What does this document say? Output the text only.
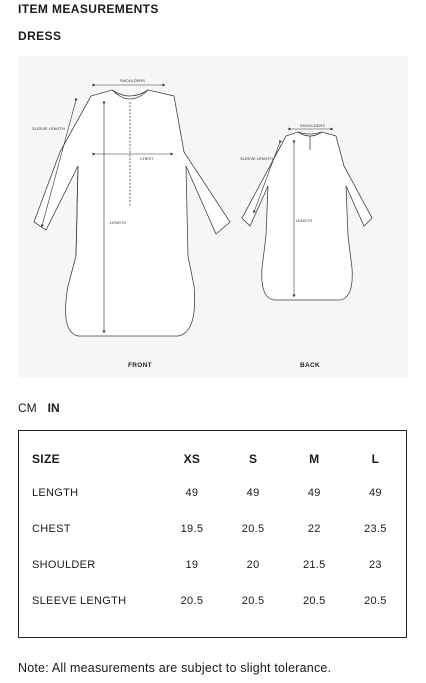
ITEM MEASUREMENTS
DRESS
SHOULDERS
SLEEVE LENGTH
CHEST
LENGTH
SHOULDERS
SLEEVE LENGTH
LENGTH
FRONT	BACK
CM IN
SIZE	XS	S	M	L
LENGTH	49	49	49	49
CHEST	19.5	20.5	22	23.5
SHOULDER	19	20	21.5	23
SLEEVE LENGTH	20.5	20.5	20.5	20.5
Note: All measurements are subject to slight tolerance.
